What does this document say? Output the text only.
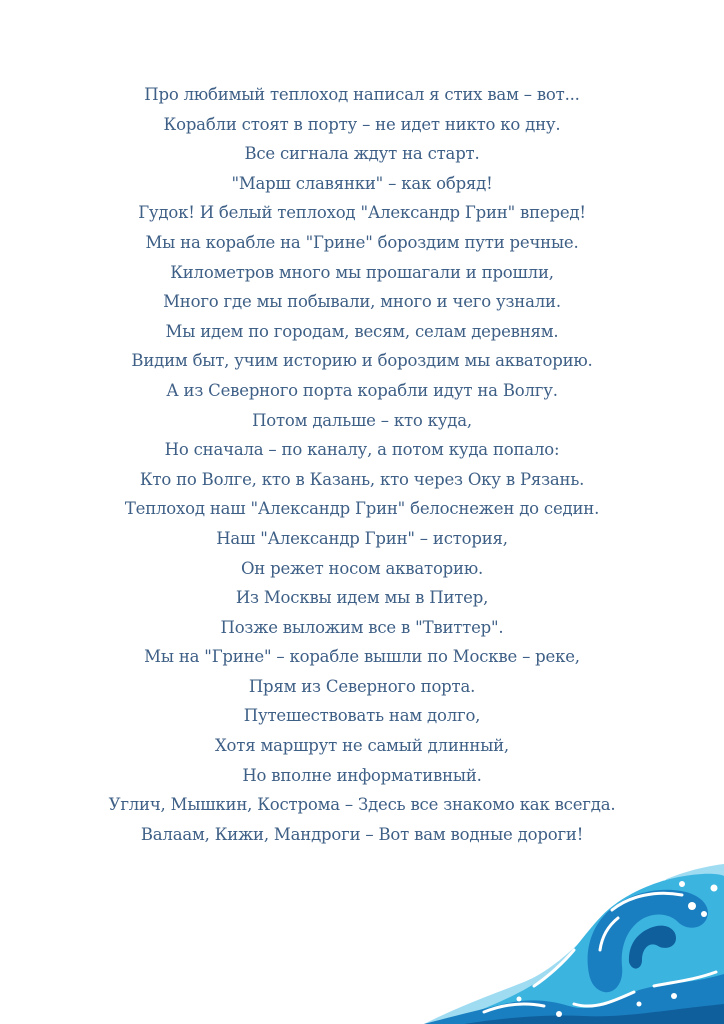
Про любимый теплоход написал я стих вам – вот...
Корабли стоят в порту – не идет никто ко дну.
Все сигнала ждут на старт.
"Марш славянки" – как обряд!
Гудок! И белый теплоход "Александр Грин" вперед!
Мы на корабле на "Грине" бороздим пути речные.
Километров много мы прошагали и прошли,
Много где мы побывали, много и чего узнали.
Мы идем по городам, весям, селам деревням.
Видим быт, учим историю и бороздим мы акваторию.
А из Северного порта корабли идут на Волгу.
Потом дальше – кто куда,
Но сначала – по каналу, а потом куда попало:
Кто по Волге, кто в Казань, кто через Оку в Рязань.
Теплоход наш "Александр Грин" белоснежен до седин.
Наш "Александр Грин" – история,
Он режет носом акваторию.
Из Москвы идем мы в Питер,
Позже выложим все в "Твиттер".
Мы на "Грине" – корабле вышли по Москве – реке,
Прям из Северного порта.
Путешествовать нам долго,
Хотя маршрут не самый длинный,
Но вполне информативный.
Углич, Мышкин, Кострома – Здесь все знакомо как всегда.
Валаам, Кижи, Мандроги – Вот вам водные дороги!
